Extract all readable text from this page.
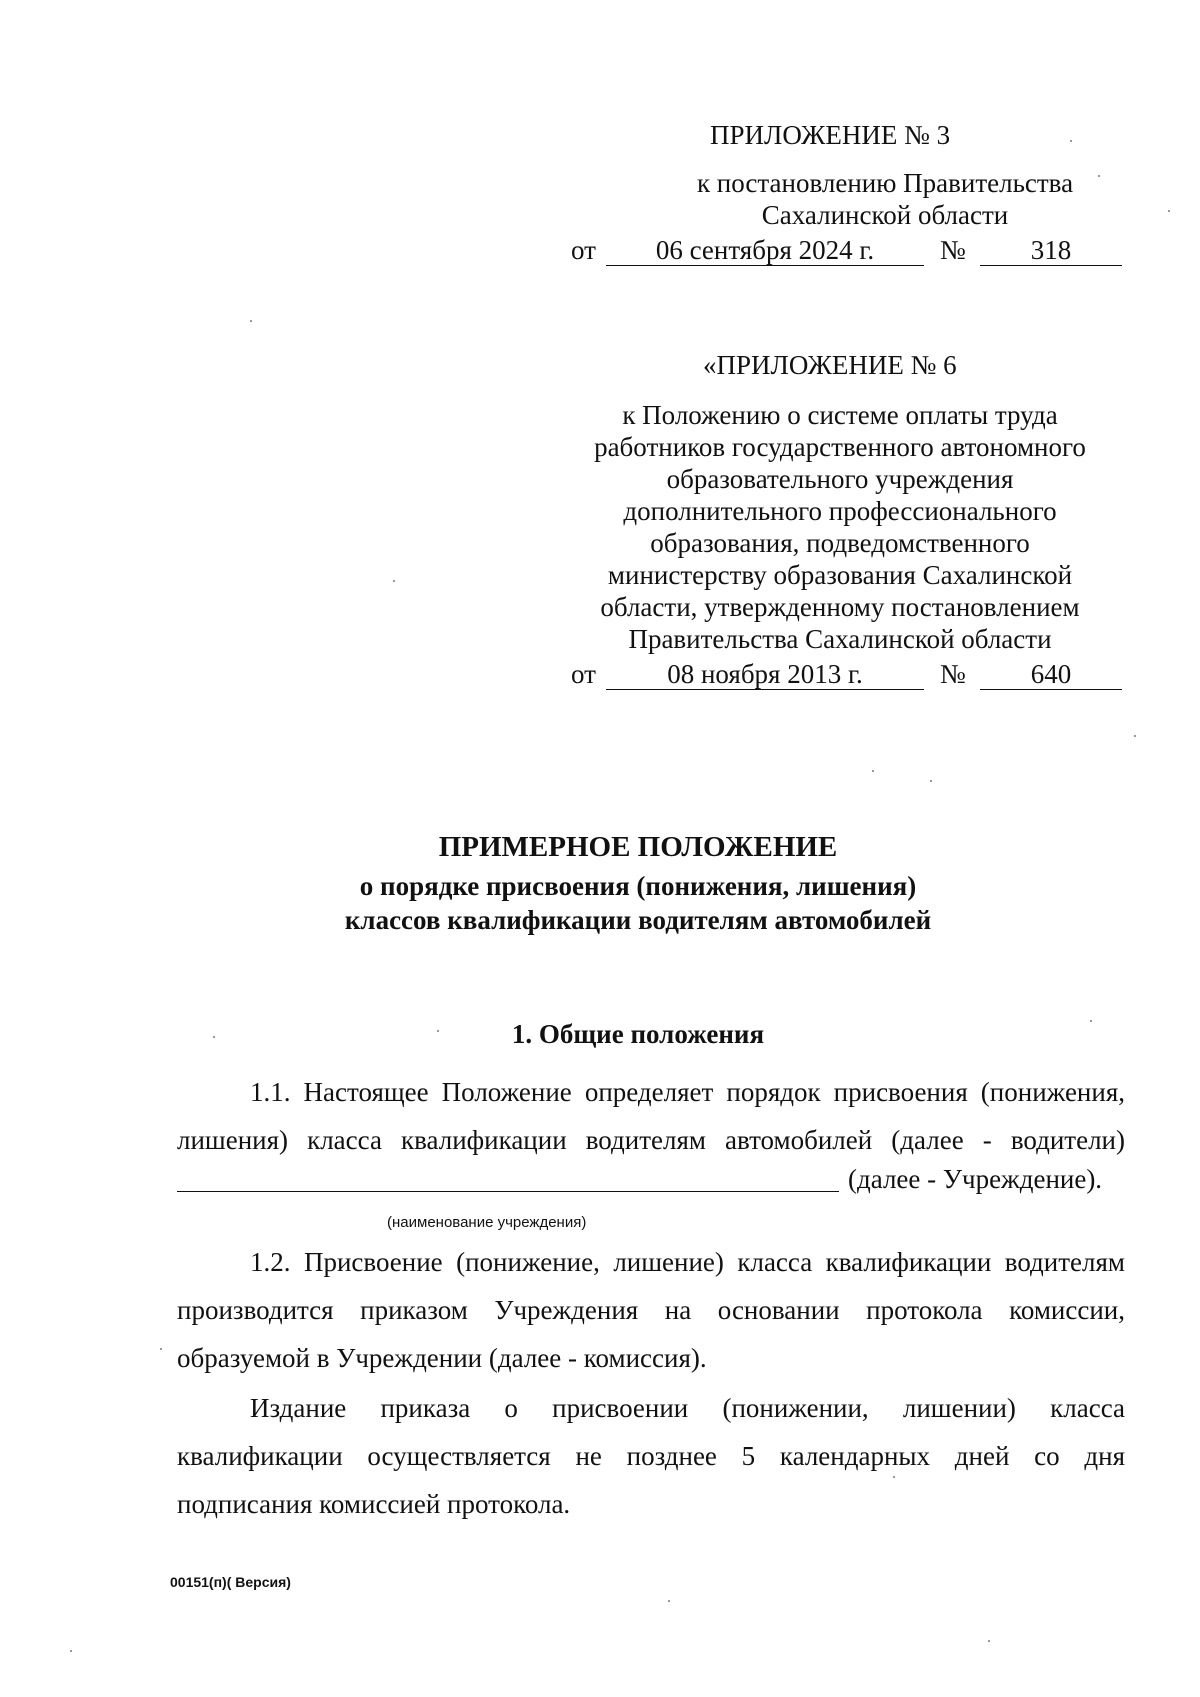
ПРИЛОЖЕНИЕ № 3
к постановлению Правительства
Сахалинской области
от	06 сентября 2024 г.	№	318
«ПРИЛОЖЕНИЕ № 6
к Положению о системе оплаты труда
работников государственного автономного
образовательного учреждения
дополнительного профессионального
образования, подведомственного
министерству образования Сахалинской
области, утвержденному постановлением
Правительства Сахалинской области
от	08 ноября 2013 г.	№	640
ПРИМЕРНОЕ ПОЛОЖЕНИЕ
о порядке присвоения (понижения, лишения)
классов квалификации водителям автомобилей
1. Общие положения
1.1. Настоящее Положение определяет порядок присвоения (понижения,
лишения) класса квалификации водителям автомобилей (далее - водители)
(далее - Учреждение).
(наименование учреждения)
1.2. Присвоение (понижение, лишение) класса квалификации водителям
производится приказом Учреждения на основании протокола комиссии,
образуемой в Учреждении (далее - комиссия).
Издание приказа о присвоении (понижении, лишении) класса
квалификации осуществляется не позднее 5 календарных дней со дня
подписания комиссией протокола.
00151(п)( Версия)
